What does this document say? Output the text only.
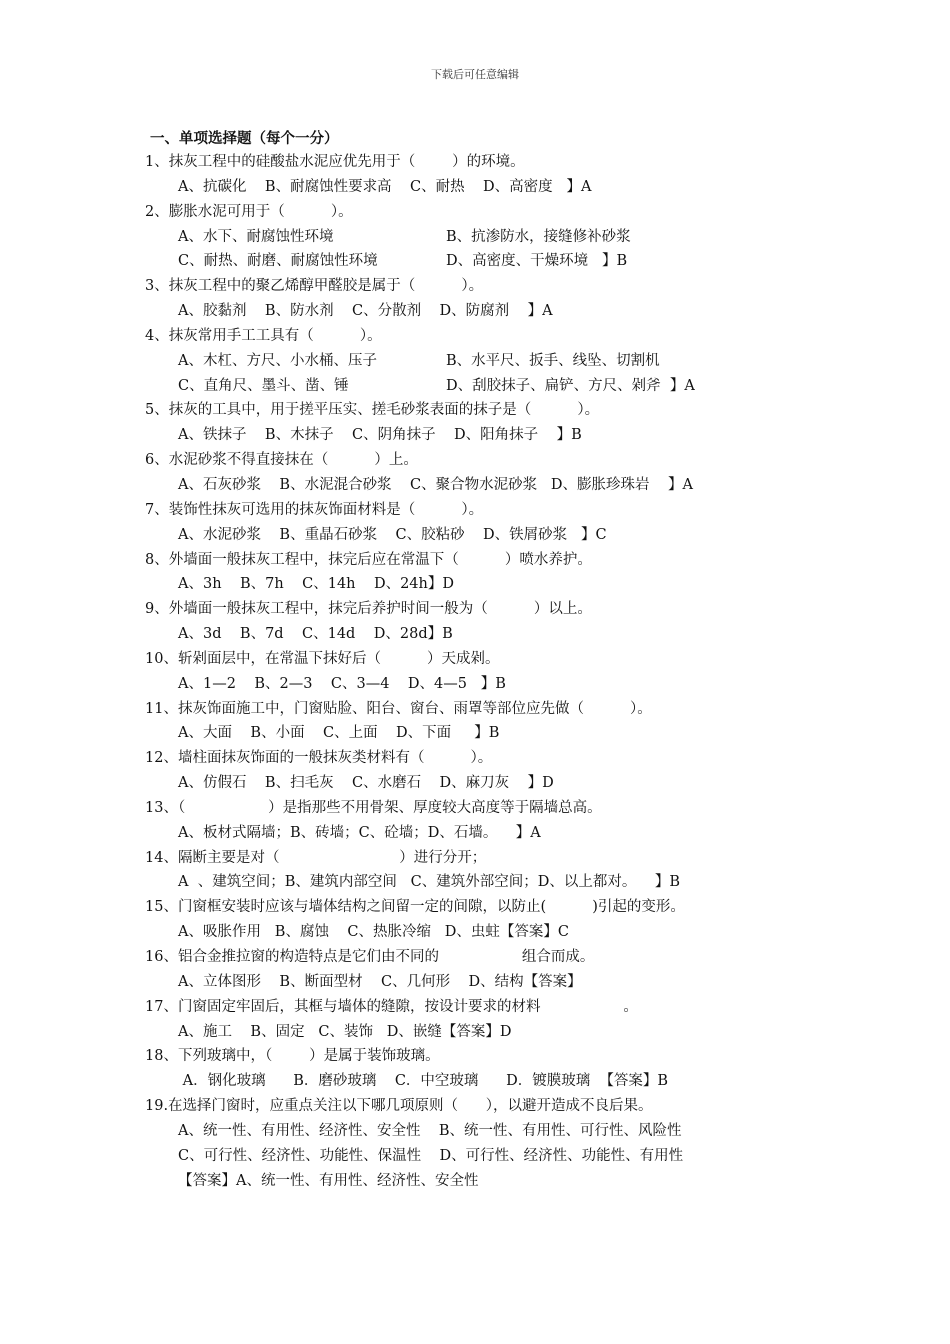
下载后可任意编辑
一、单项选择题（每个一分）
1、抹灰工程中的硅酸盐水泥应优先用于（        ）的环境。
A、抗碳化    B、耐腐蚀性要求高    C、耐热    D、高密度   】A
2、膨胀水泥可用于（          ）。
A、水下、耐腐蚀性环境	B、抗渗防水，接缝修补砂浆
C、耐热、耐磨、耐腐蚀性环境	D、高密度、干燥环境   】B
3、抹灰工程中的聚乙烯醇甲醛胶是属于（          ）。
A、胶黏剂    B、防水剂    C、分散剂    D、防腐剂    】A
4、抹灰常用手工工具有（          ）。
A、木杠、方尺、小水桶、压子	B、水平尺、扳手、线坠、切割机
C、直角尺、墨斗、凿、锤	D、刮胶抹子、扁铲、方尺、剁斧  】A
5、抹灰的工具中，用于搓平压实、搓毛砂浆表面的抹子是（          ）。
A、铁抹子    B、木抹子    C、阴角抹子    D、阳角抹子    】B
6、水泥砂浆不得直接抹在（          ）上。
A、石灰砂浆    B、水泥混合砂浆    C、聚合物水泥砂浆   D、膨胀珍珠岩    】A
7、装饰性抹灰可选用的抹灰饰面材料是（          ）。
A、水泥砂浆    B、重晶石砂浆    C、胶粘砂    D、铁屑砂浆   】C
8、外墙面一般抹灰工程中，抹完后应在常温下（          ）喷水养护。
A、3h    B、7h    C、14h    D、24h】D
9、外墙面一般抹灰工程中，抹完后养护时间一般为（          ）以上。
A、3d    B、7d    C、14d    D、28d】B
10、斩剁面层中，在常温下抹好后（          ）天成剁。
A、1—2    B、2—3    C、3—4    D、4—5   】B
11、抹灰饰面施工中，门窗贴脸、阳台、窗台、雨罩等部位应先做（          ）。
A、大面    B、小面    C、上面    D、下面     】B
12、墙柱面抹灰饰面的一般抹灰类材料有（          ）。
A、仿假石    B、扫毛灰    C、水磨石    D、麻刀灰    】D
13、（                  ）是指那些不用骨架、厚度较大高度等于隔墙总高。
A、板材式隔墙；B、砖墙；C、砼墙；D、石墙。    】A
14、隔断主要是对（                          ）进行分开；
A  、建筑空间；B、建筑内部空间   C、建筑外部空间；D、以上都对。    】B
15、门窗框安装时应该与墙体结构之间留一定的间隙，以防止(          )引起的变形。
A、吸胀作用   B、腐蚀    C、热胀冷缩   D、虫蛀【答案】C
16、铝合金推拉窗的构造特点是它们由不同的                  组合而成。
A、立体图形    B、断面型材    C、几何形    D、结构【答案】
17、门窗固定牢固后，其框与墙体的缝隙，按设计要求的材料                  。
A、施工    B、固定   C、装饰   D、嵌缝【答案】D
18、下列玻璃中，（        ）是属于装饰玻璃。
A．钢化玻璃      B．磨砂玻璃    C．中空玻璃      D．镀膜玻璃  【答案】B
19.在选择门窗时，应重点关注以下哪几项原则（      ），以避开造成不良后果。
A、统一性、有用性、经济性、安全性    B、统一性、有用性、可行性、风险性
C、可行性、经济性、功能性、保温性    D、可行性、经济性、功能性、有用性
【答案】A、统一性、有用性、经济性、安全性
